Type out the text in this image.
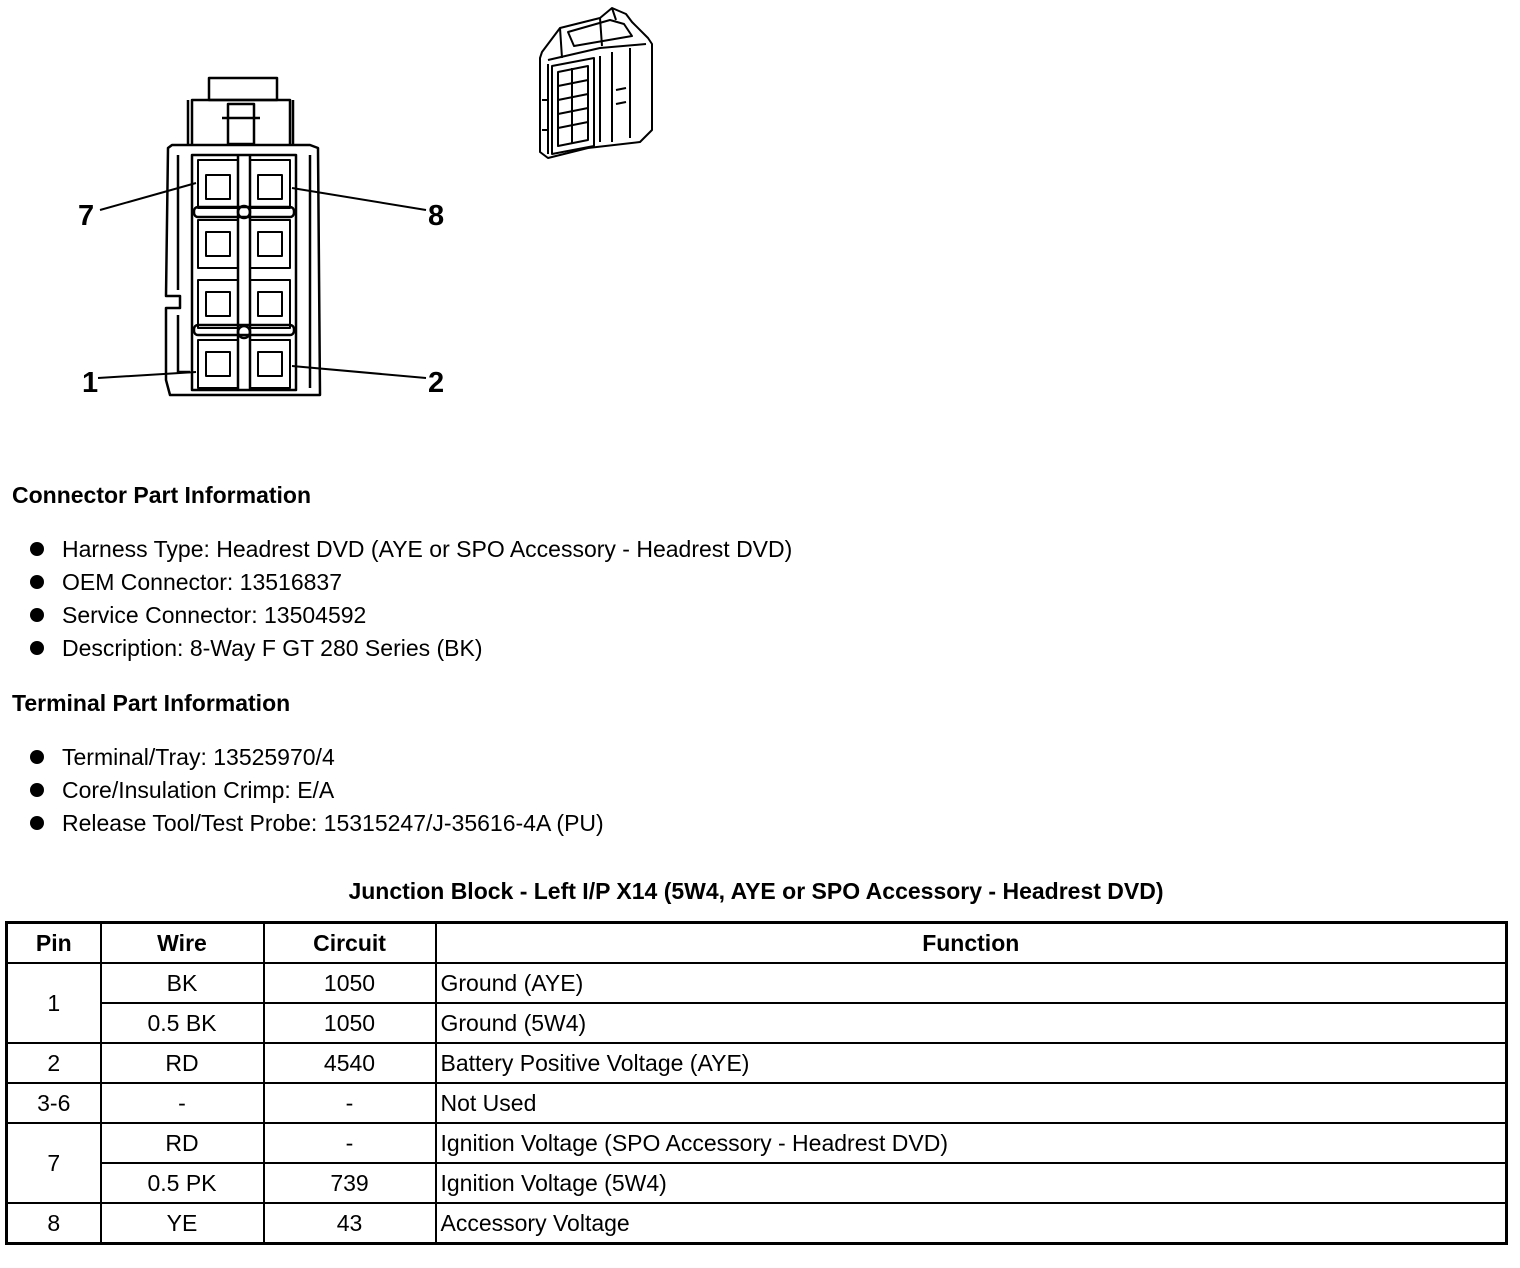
7	8
1	2
Connector Part Information
Harness Type: Headrest DVD (AYE or SPO Accessory - Headrest DVD)
OEM Connector: 13516837
Service Connector: 13504592
Description: 8-Way F GT 280 Series (BK)
Terminal Part Information
Terminal/Tray: 13525970/4
Core/Insulation Crimp: E/A
Release Tool/Test Probe: 15315247/J-35616-4A (PU)
Junction Block - Left I/P X14 (5W4, AYE or SPO Accessory - Headrest DVD)
Pin	Wire	Circuit	Function
1	BK	1050	Ground (AYE)
	0.5 BK	1050	Ground (5W4)
2	RD	4540	Battery Positive Voltage (AYE)
3-6	-	-	Not Used
7	RD	-	Ignition Voltage (SPO Accessory - Headrest DVD)
	0.5 PK	739	Ignition Voltage (5W4)
8	YE	43	Accessory Voltage
